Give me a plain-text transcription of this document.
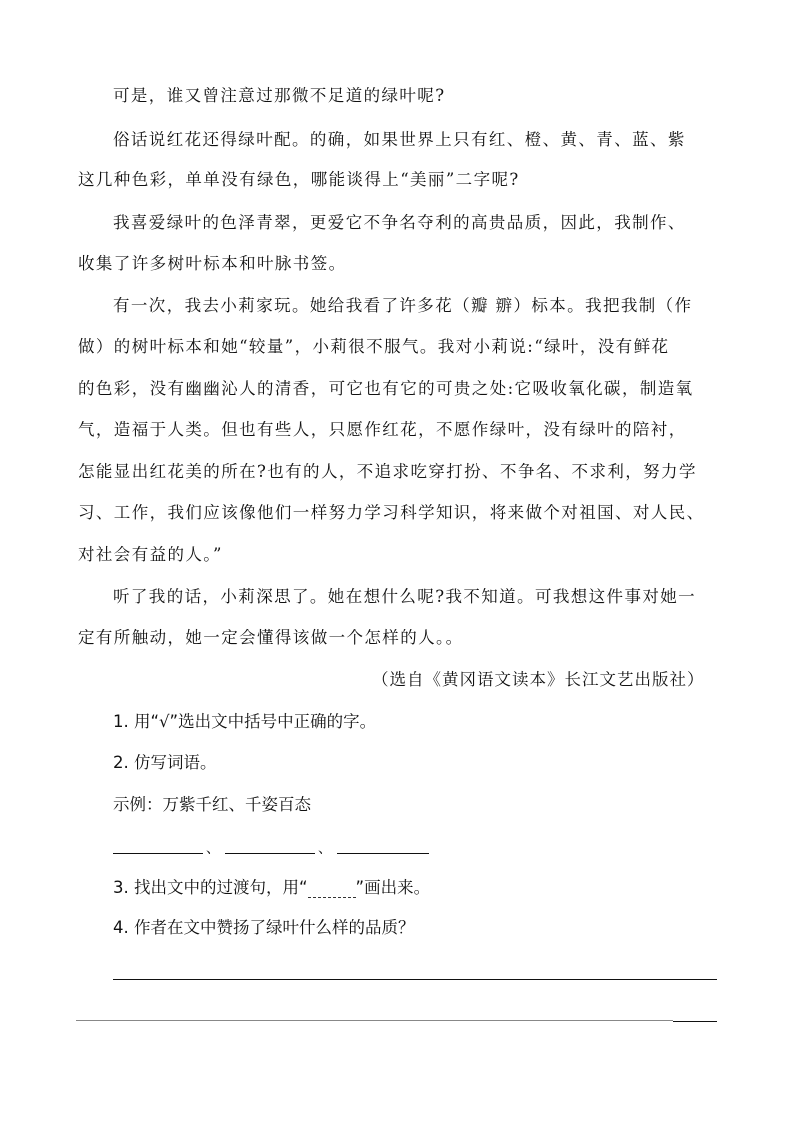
可是，谁又曾注意过那微不足道的绿叶呢?
俗话说红花还得绿叶配。的确，如果世界上只有红、橙、黄、青、蓝、紫
这几种色彩，单单没有绿色，哪能谈得上“美丽”二字呢?
我喜爱绿叶的色泽青翠，更爱它不争名夺利的高贵品质，因此，我制作、
收集了许多树叶标本和叶脉书签。
有一次，我去小莉家玩。她给我看了许多花（瓣 辧）标本。我把我制（作
做）的树叶标本和她“较量”，小莉很不服气。我对小莉说:“绿叶，没有鲜花
的色彩，没有幽幽沁人的清香，可它也有它的可贵之处:它吸收氧化碳，制造氧
气，造福于人类。但也有些人，只愿作红花，不愿作绿叶，没有绿叶的陪衬，
怎能显出红花美的所在?也有的人，不追求吃穿打扮、不争名、不求利，努力学
习、工作，我们应该像他们一样努力学习科学知识，将来做个对祖国、对人民、
对社会有益的人。”
听了我的话，小莉深思了。她在想什么呢?我不知道。可我想这件事对她一
定有所触动，她一定会懂得该做一个怎样的人。。
（选自《黄冈语文读本》长江文艺出版社）
1. 用“√”选出文中括号中正确的字。
2. 仿写词语。
示例：万紫千红、千姿百态
、	、
3. 找出文中的过渡句，用“	”画出来。
4. 作者在文中赞扬了绿叶什么样的品质？
